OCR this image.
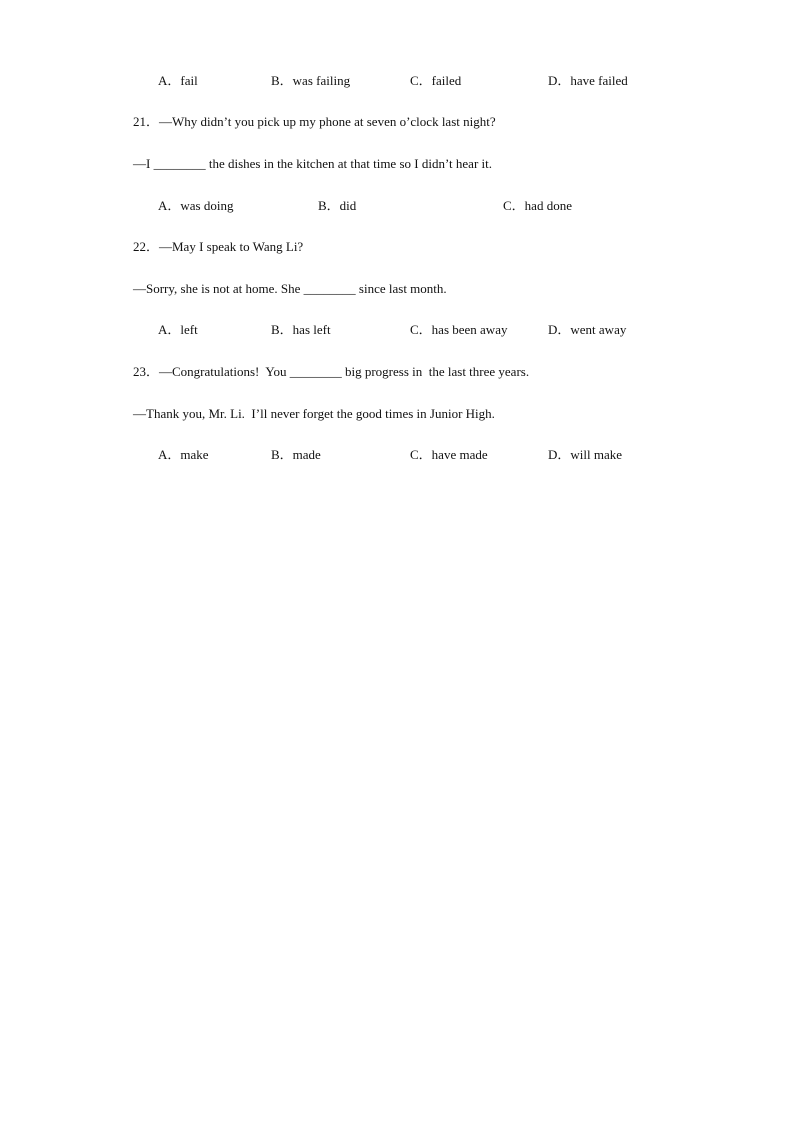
A．fail	B．was failing	C．failed	D．have failed

21．—Why didn’t you pick up my phone at seven o’clock last night?

—I ________ the dishes in the kitchen at that time so I didn’t hear it.

A．was doing	B．did	C．had done

22．—May I speak to Wang Li?

—Sorry, she is not at home. She ________ since last month.

A．left	B．has left	C．has been away	D．went away

23．—Congratulations!  You ________ big progress in  the last three years.

—Thank you, Mr. Li.  I’ll never forget the good times in Junior High.

A．make	B．made	C．have made	D．will make
